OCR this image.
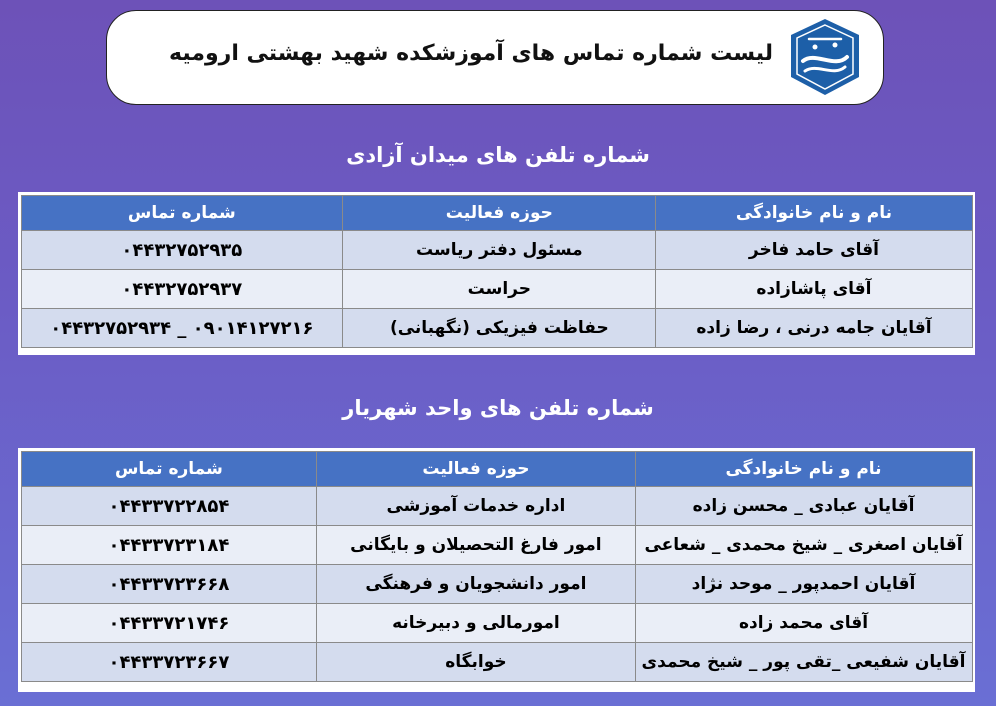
لیست شماره تماس های آموزشکده شهید بهشتی ارومیه
شماره تلفن های میدان آزادی
نام و نام خانوادگی	حوزه فعالیت	شماره تماس
آقای حامد فاخر	مسئول دفتر ریاست	۰۴۴۳۲۷۵۲۹۳۵
آقای پاشازاده	حراست	۰۴۴۳۲۷۵۲۹۳۷
آقایان جامه درنی ، رضا زاده	حفاظت فیزیکی (نگهبانی)	۰۹۰۱۴۱۲۷۲۱۶ _ ۰۴۴۳۲۷۵۲۹۳۴
شماره تلفن های واحد شهریار
نام و نام خانوادگی	حوزه فعالیت	شماره تماس
آقایان عبادی _ محسن زاده	اداره خدمات آموزشی	۰۴۴۳۳۷۲۲۸۵۴
آقایان اصغری _ شیخ محمدی _ شعاعی	امور فارغ التحصیلان و بایگانی	۰۴۴۳۳۷۲۳۱۸۴
آقایان احمدپور _ موحد نژاد	امور دانشجویان و فرهنگی	۰۴۴۳۳۷۲۳۶۶۸
آقای محمد زاده	امورمالی و دبیرخانه	۰۴۴۳۳۷۲۱۷۴۶
آقایان شفیعی _تقی پور _ شیخ محمدی	خوابگاه	۰۴۴۳۳۷۲۳۶۶۷
